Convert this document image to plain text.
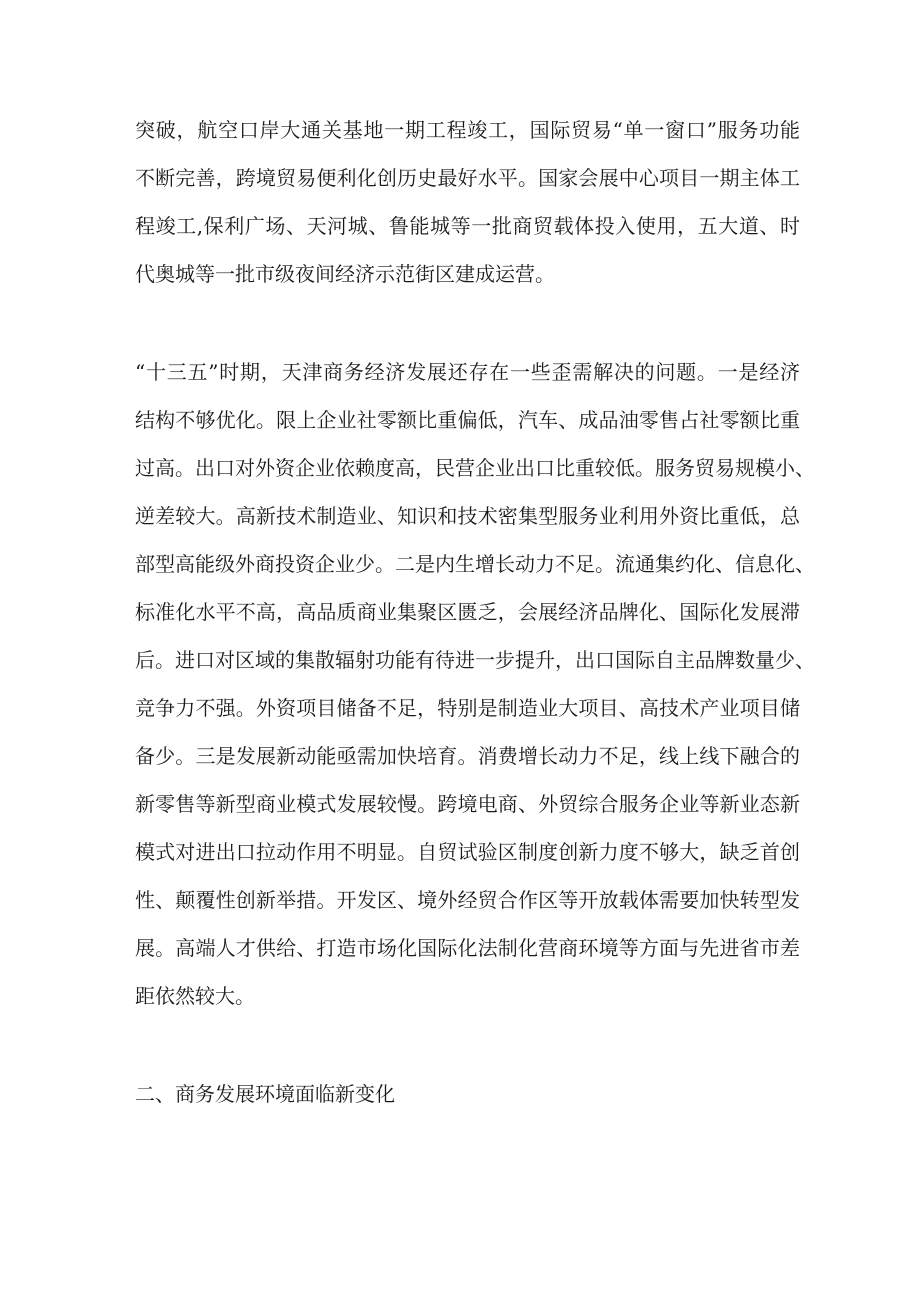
突破，航空口岸大通关基地一期工程竣工，国际贸易“单一窗口”服务功能
不断完善，跨境贸易便利化创历史最好水平。国家会展中心项目一期主体工
程竣工,保利广场、天河城、鲁能城等一批商贸载体投入使用，五大道、时
代奥城等一批市级夜间经济示范街区建成运营。
“十三五”时期，天津商务经济发展还存在一些歪需解决的问题。一是经济
结构不够优化。限上企业社零额比重偏低，汽车、成品油零售占社零额比重
过高。出口对外资企业依赖度高，民营企业出口比重较低。服务贸易规模小、
逆差较大。高新技术制造业、知识和技术密集型服务业利用外资比重低，总
部型高能级外商投资企业少。二是内生增长动力不足。流通集约化、信息化、
标准化水平不高，高品质商业集聚区匮乏，会展经济品牌化、国际化发展滞
后。进口对区域的集散辐射功能有待进一步提升，出口国际自主品牌数量少、
竞争力不强。外资项目储备不足，特别是制造业大项目、高技术产业项目储
备少。三是发展新动能亟需加快培育。消费增长动力不足，线上线下融合的
新零售等新型商业模式发展较慢。跨境电商、外贸综合服务企业等新业态新
模式对进出口拉动作用不明显。自贸试验区制度创新力度不够大，缺乏首创
性、颠覆性创新举措。开发区、境外经贸合作区等开放载体需要加快转型发
展。高端人才供给、打造市场化国际化法制化营商环境等方面与先进省市差
距依然较大。
二、商务发展环境面临新变化
